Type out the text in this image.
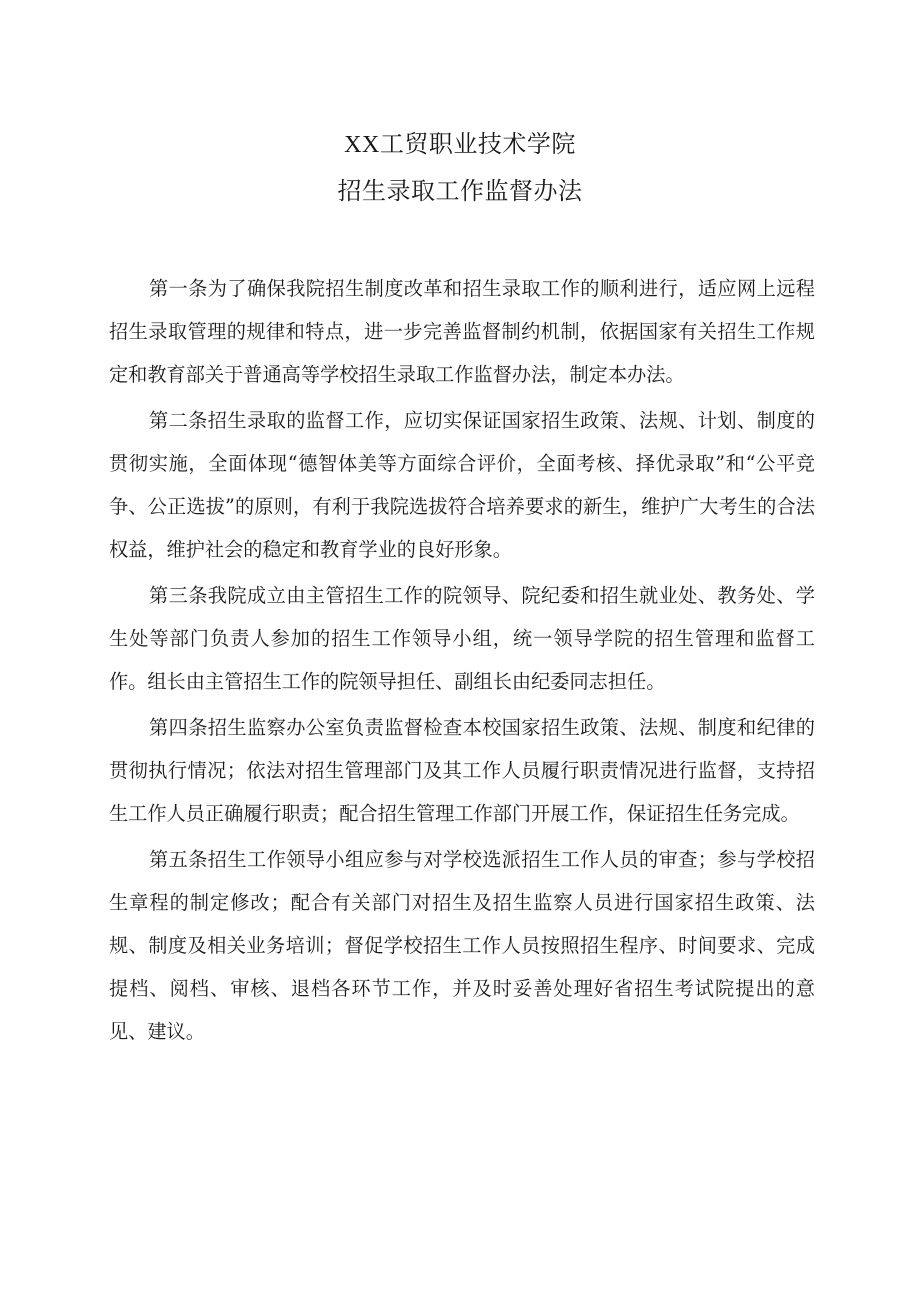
XX工贸职业技术学院
招生录取工作监督办法

第一条为了确保我院招生制度改革和招生录取工作的顺利进行，适应网上远程招生录取管理的规律和特点，进一步完善监督制约机制，依据国家有关招生工作规定和教育部关于普通高等学校招生录取工作监督办法，制定本办法。

第二条招生录取的监督工作，应切实保证国家招生政策、法规、计划、制度的贯彻实施，全面体现“德智体美等方面综合评价，全面考核、择优录取”和“公平竞争、公正选拔”的原则，有利于我院选拔符合培养要求的新生，维护广大考生的合法权益，维护社会的稳定和教育学业的良好形象。

第三条我院成立由主管招生工作的院领导、院纪委和招生就业处、教务处、学生处等部门负责人参加的招生工作领导小组，统一领导学院的招生管理和监督工作。组长由主管招生工作的院领导担任、副组长由纪委同志担任。

第四条招生监察办公室负责监督检查本校国家招生政策、法规、制度和纪律的贯彻执行情况；依法对招生管理部门及其工作人员履行职责情况进行监督，支持招生工作人员正确履行职责；配合招生管理工作部门开展工作，保证招生任务完成。

第五条招生工作领导小组应参与对学校选派招生工作人员的审查；参与学校招生章程的制定修改；配合有关部门对招生及招生监察人员进行国家招生政策、法规、制度及相关业务培训；督促学校招生工作人员按照招生程序、时间要求、完成提档、阅档、审核、退档各环节工作，并及时妥善处理好省招生考试院提出的意见、建议。
